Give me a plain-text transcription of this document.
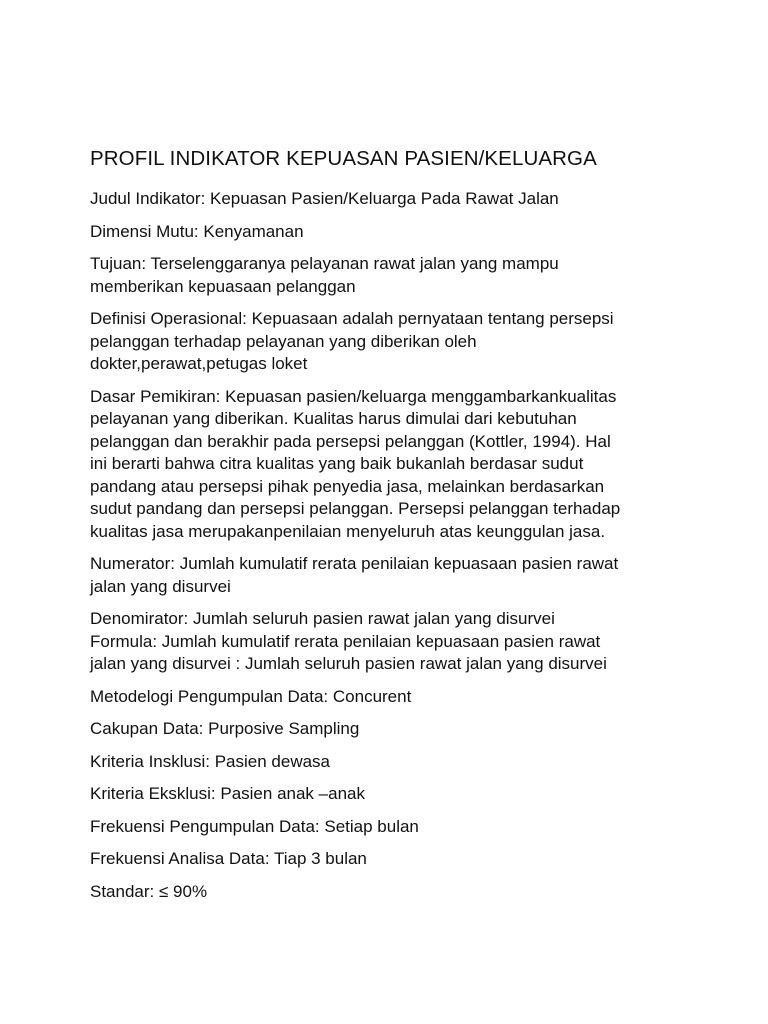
PROFIL INDIKATOR KEPUASAN PASIEN/KELUARGA
Judul Indikator: Kepuasan Pasien/Keluarga Pada Rawat Jalan
Dimensi Mutu: Kenyamanan
Tujuan: Terselenggaranya pelayanan rawat jalan yang mampu
memberikan kepuasaan pelanggan
Definisi Operasional: Kepuasaan adalah pernyataan tentang persepsi
pelanggan terhadap pelayanan yang diberikan oleh
dokter,perawat,petugas loket
Dasar Pemikiran: Kepuasan pasien/keluarga menggambarkankualitas
pelayanan yang diberikan. Kualitas harus dimulai dari kebutuhan
pelanggan dan berakhir pada persepsi pelanggan (Kottler, 1994). Hal
ini berarti bahwa citra kualitas yang baik bukanlah berdasar sudut
pandang atau persepsi pihak penyedia jasa, melainkan berdasarkan
sudut pandang dan persepsi pelanggan. Persepsi pelanggan terhadap
kualitas jasa merupakanpenilaian menyeluruh atas keunggulan jasa.
Numerator: Jumlah kumulatif rerata penilaian kepuasaan pasien rawat
jalan yang disurvei
Denomirator: Jumlah seluruh pasien rawat jalan yang disurvei
Formula: Jumlah kumulatif rerata penilaian kepuasaan pasien rawat
jalan yang disurvei : Jumlah seluruh pasien rawat jalan yang disurvei
Metodelogi Pengumpulan Data: Concurent
Cakupan Data: Purposive Sampling
Kriteria Insklusi: Pasien dewasa
Kriteria Eksklusi: Pasien anak –anak
Frekuensi Pengumpulan Data: Setiap bulan
Frekuensi Analisa Data: Tiap 3 bulan
Standar: ≤ 90%
